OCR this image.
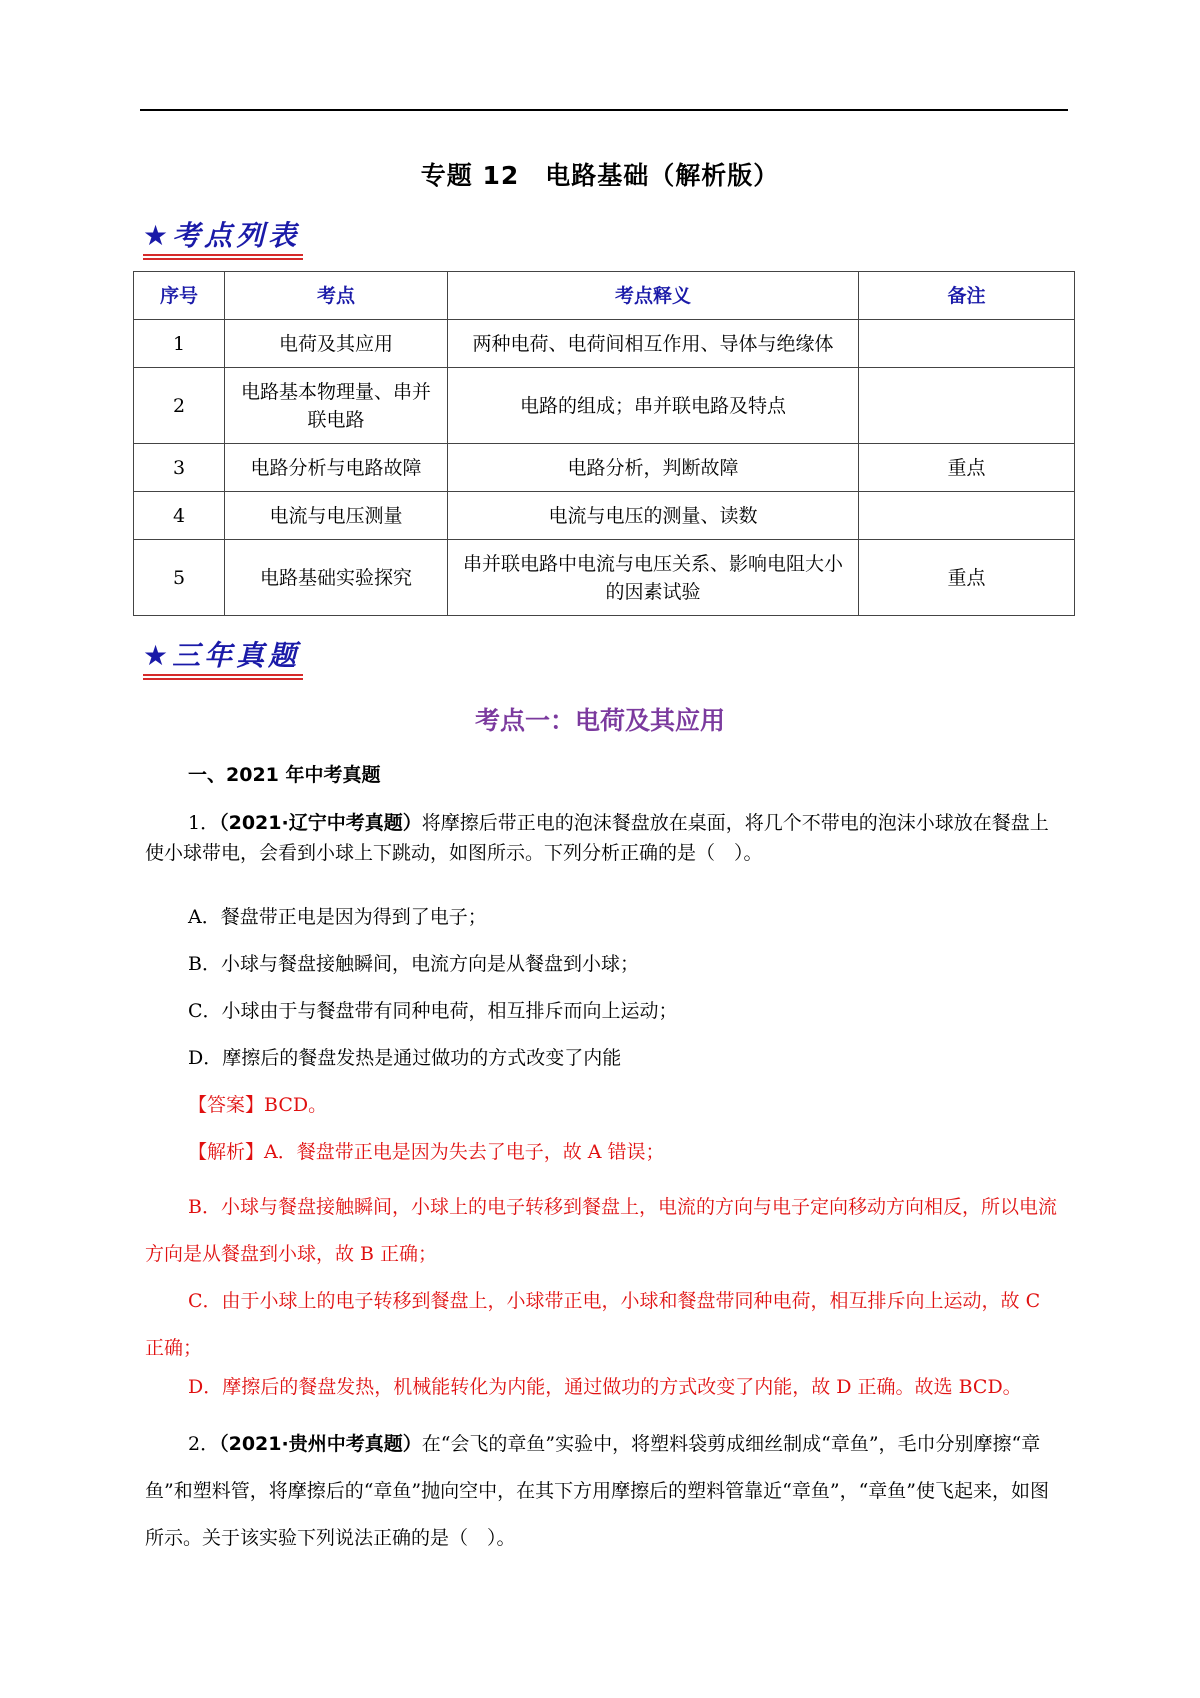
专题 12　电路基础（解析版）
★考点列表
序号	考点	考点释义	备注
1	电荷及其应用	两种电荷、电荷间相互作用、导体与绝缘体	
2	电路基本物理量、串并联电路	电路的组成；串并联电路及特点	
3	电路分析与电路故障	电路分析，判断故障	重点
4	电流与电压测量	电流与电压的测量、读数	
5	电路基础实验探究	串并联电路中电流与电压关系、影响电阻大小的因素试验	重点
★三年真题
考点一：电荷及其应用
一、2021 年中考真题
1．（2021·辽宁中考真题）将摩擦后带正电的泡沫餐盘放在桌面，将几个不带电的泡沫小球放在餐盘上使小球带电，会看到小球上下跳动，如图所示。下列分析正确的是（　）。
A．餐盘带正电是因为得到了电子；
B．小球与餐盘接触瞬间，电流方向是从餐盘到小球；
C．小球由于与餐盘带有同种电荷，相互排斥而向上运动；
D．摩擦后的餐盘发热是通过做功的方式改变了内能
【答案】BCD。
【解析】A．餐盘带正电是因为失去了电子，故 A 错误；
B．小球与餐盘接触瞬间，小球上的电子转移到餐盘上，电流的方向与电子定向移动方向相反，所以电流方向是从餐盘到小球，故 B 正确；
C．由于小球上的电子转移到餐盘上，小球带正电，小球和餐盘带同种电荷，相互排斥向上运动，故 C 正确；
D．摩擦后的餐盘发热，机械能转化为内能，通过做功的方式改变了内能，故 D 正确。故选 BCD。
2．（2021·贵州中考真题）在“会飞的章鱼”实验中，将塑料袋剪成细丝制成“章鱼”，毛巾分别摩擦“章鱼”和塑料管，将摩擦后的“章鱼”抛向空中，在其下方用摩擦后的塑料管靠近“章鱼”，“章鱼”使飞起来，如图所示。关于该实验下列说法正确的是（　）。
